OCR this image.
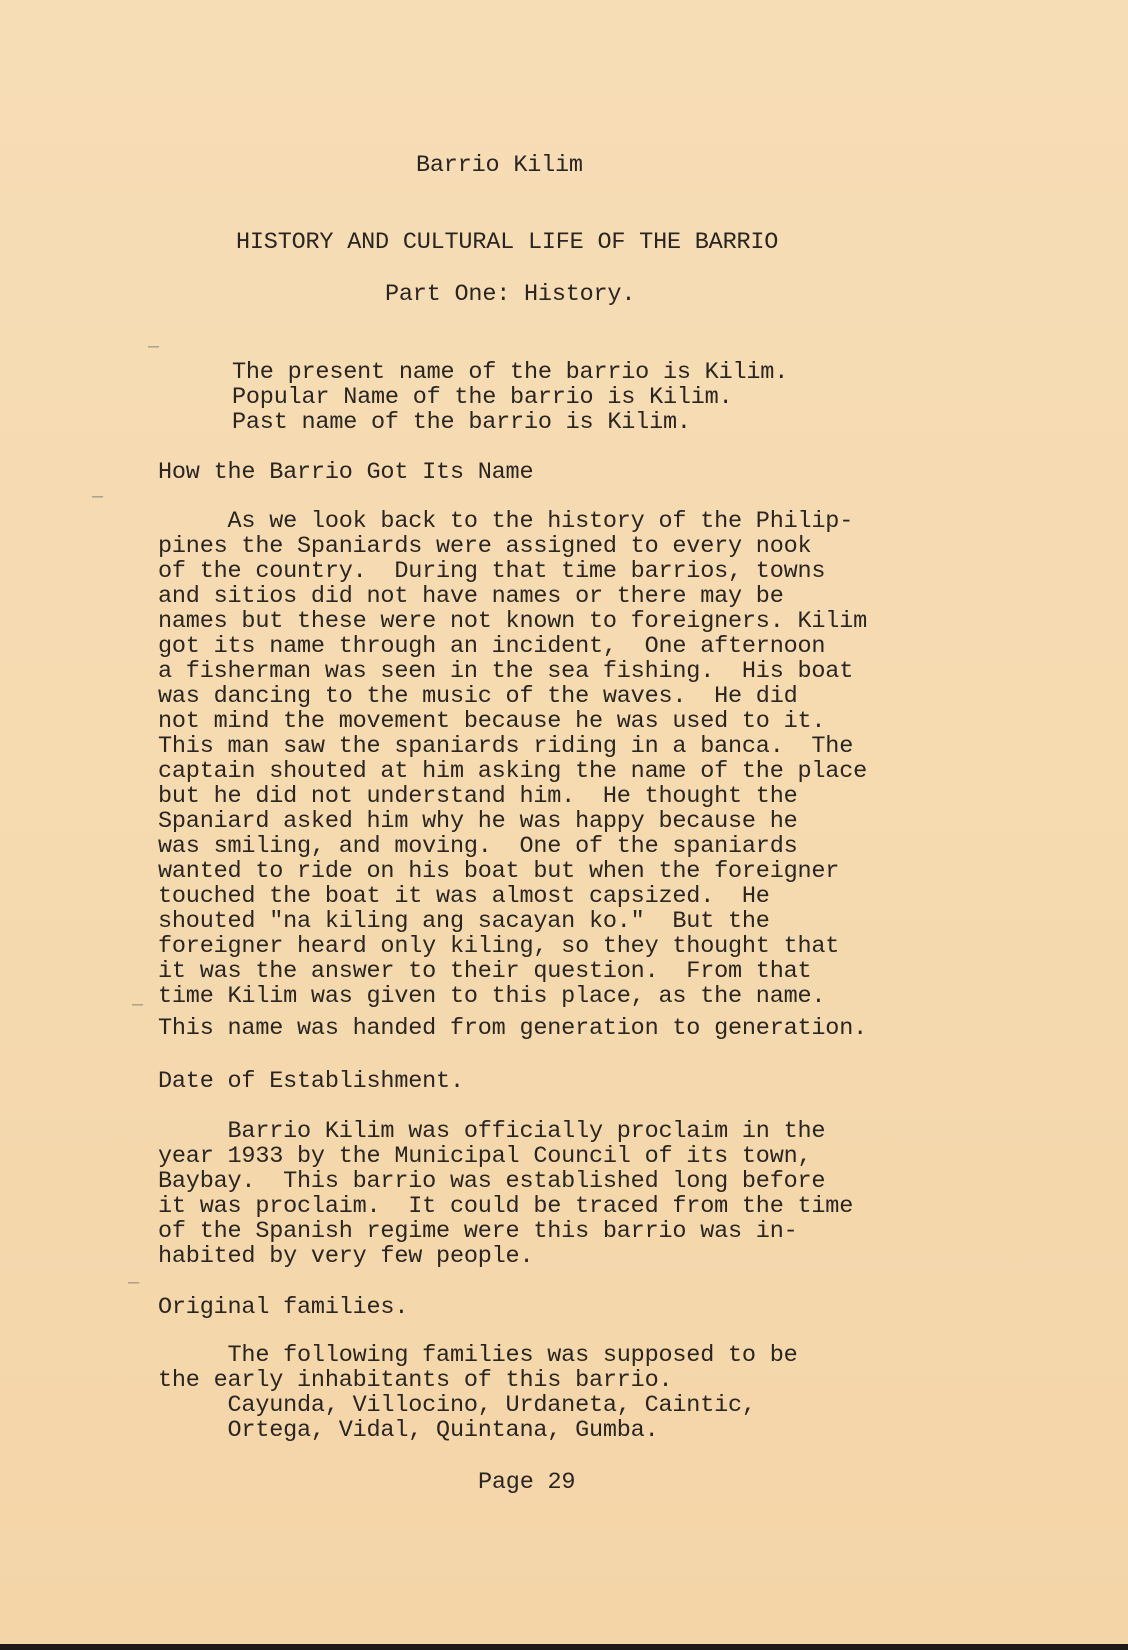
Barrio Kilim
HISTORY AND CULTURAL LIFE OF THE BARRIO
Part One: History.
The present name of the barrio is Kilim.
Popular Name of the barrio is Kilim.
Past name of the barrio is Kilim.
How the Barrio Got Its Name
As we look back to the history of the Philip-
pines the Spaniards were assigned to every nook
of the country.  During that time barrios, towns
and sitios did not have names or there may be
names but these were not known to foreigners. Kilim
got its name through an incident,  One afternoon
a fisherman was seen in the sea fishing.  His boat
was dancing to the music of the waves.  He did
not mind the movement because he was used to it.
This man saw the spaniards riding in a banca.  The
captain shouted at him asking the name of the place
but he did not understand him.  He thought the
Spaniard asked him why he was happy because he
was smiling, and moving.  One of the spaniards
wanted to ride on his boat but when the foreigner
touched the boat it was almost capsized.  He
shouted "na kiling ang sacayan ko."  But the
foreigner heard only kiling, so they thought that
it was the answer to their question.  From that
time Kilim was given to this place, as the name.
This name was handed from generation to generation.
Date of Establishment.
Barrio Kilim was officially proclaim in the
year 1933 by the Municipal Council of its town,
Baybay.  This barrio was established long before
it was proclaim.  It could be traced from the time
of the Spanish regime were this barrio was in-
habited by very few people.
Original families.
The following families was supposed to be
the early inhabitants of this barrio.
Cayunda, Villocino, Urdaneta, Caintic,
Ortega, Vidal, Quintana, Gumba.
Page 29
–
–
–
–
